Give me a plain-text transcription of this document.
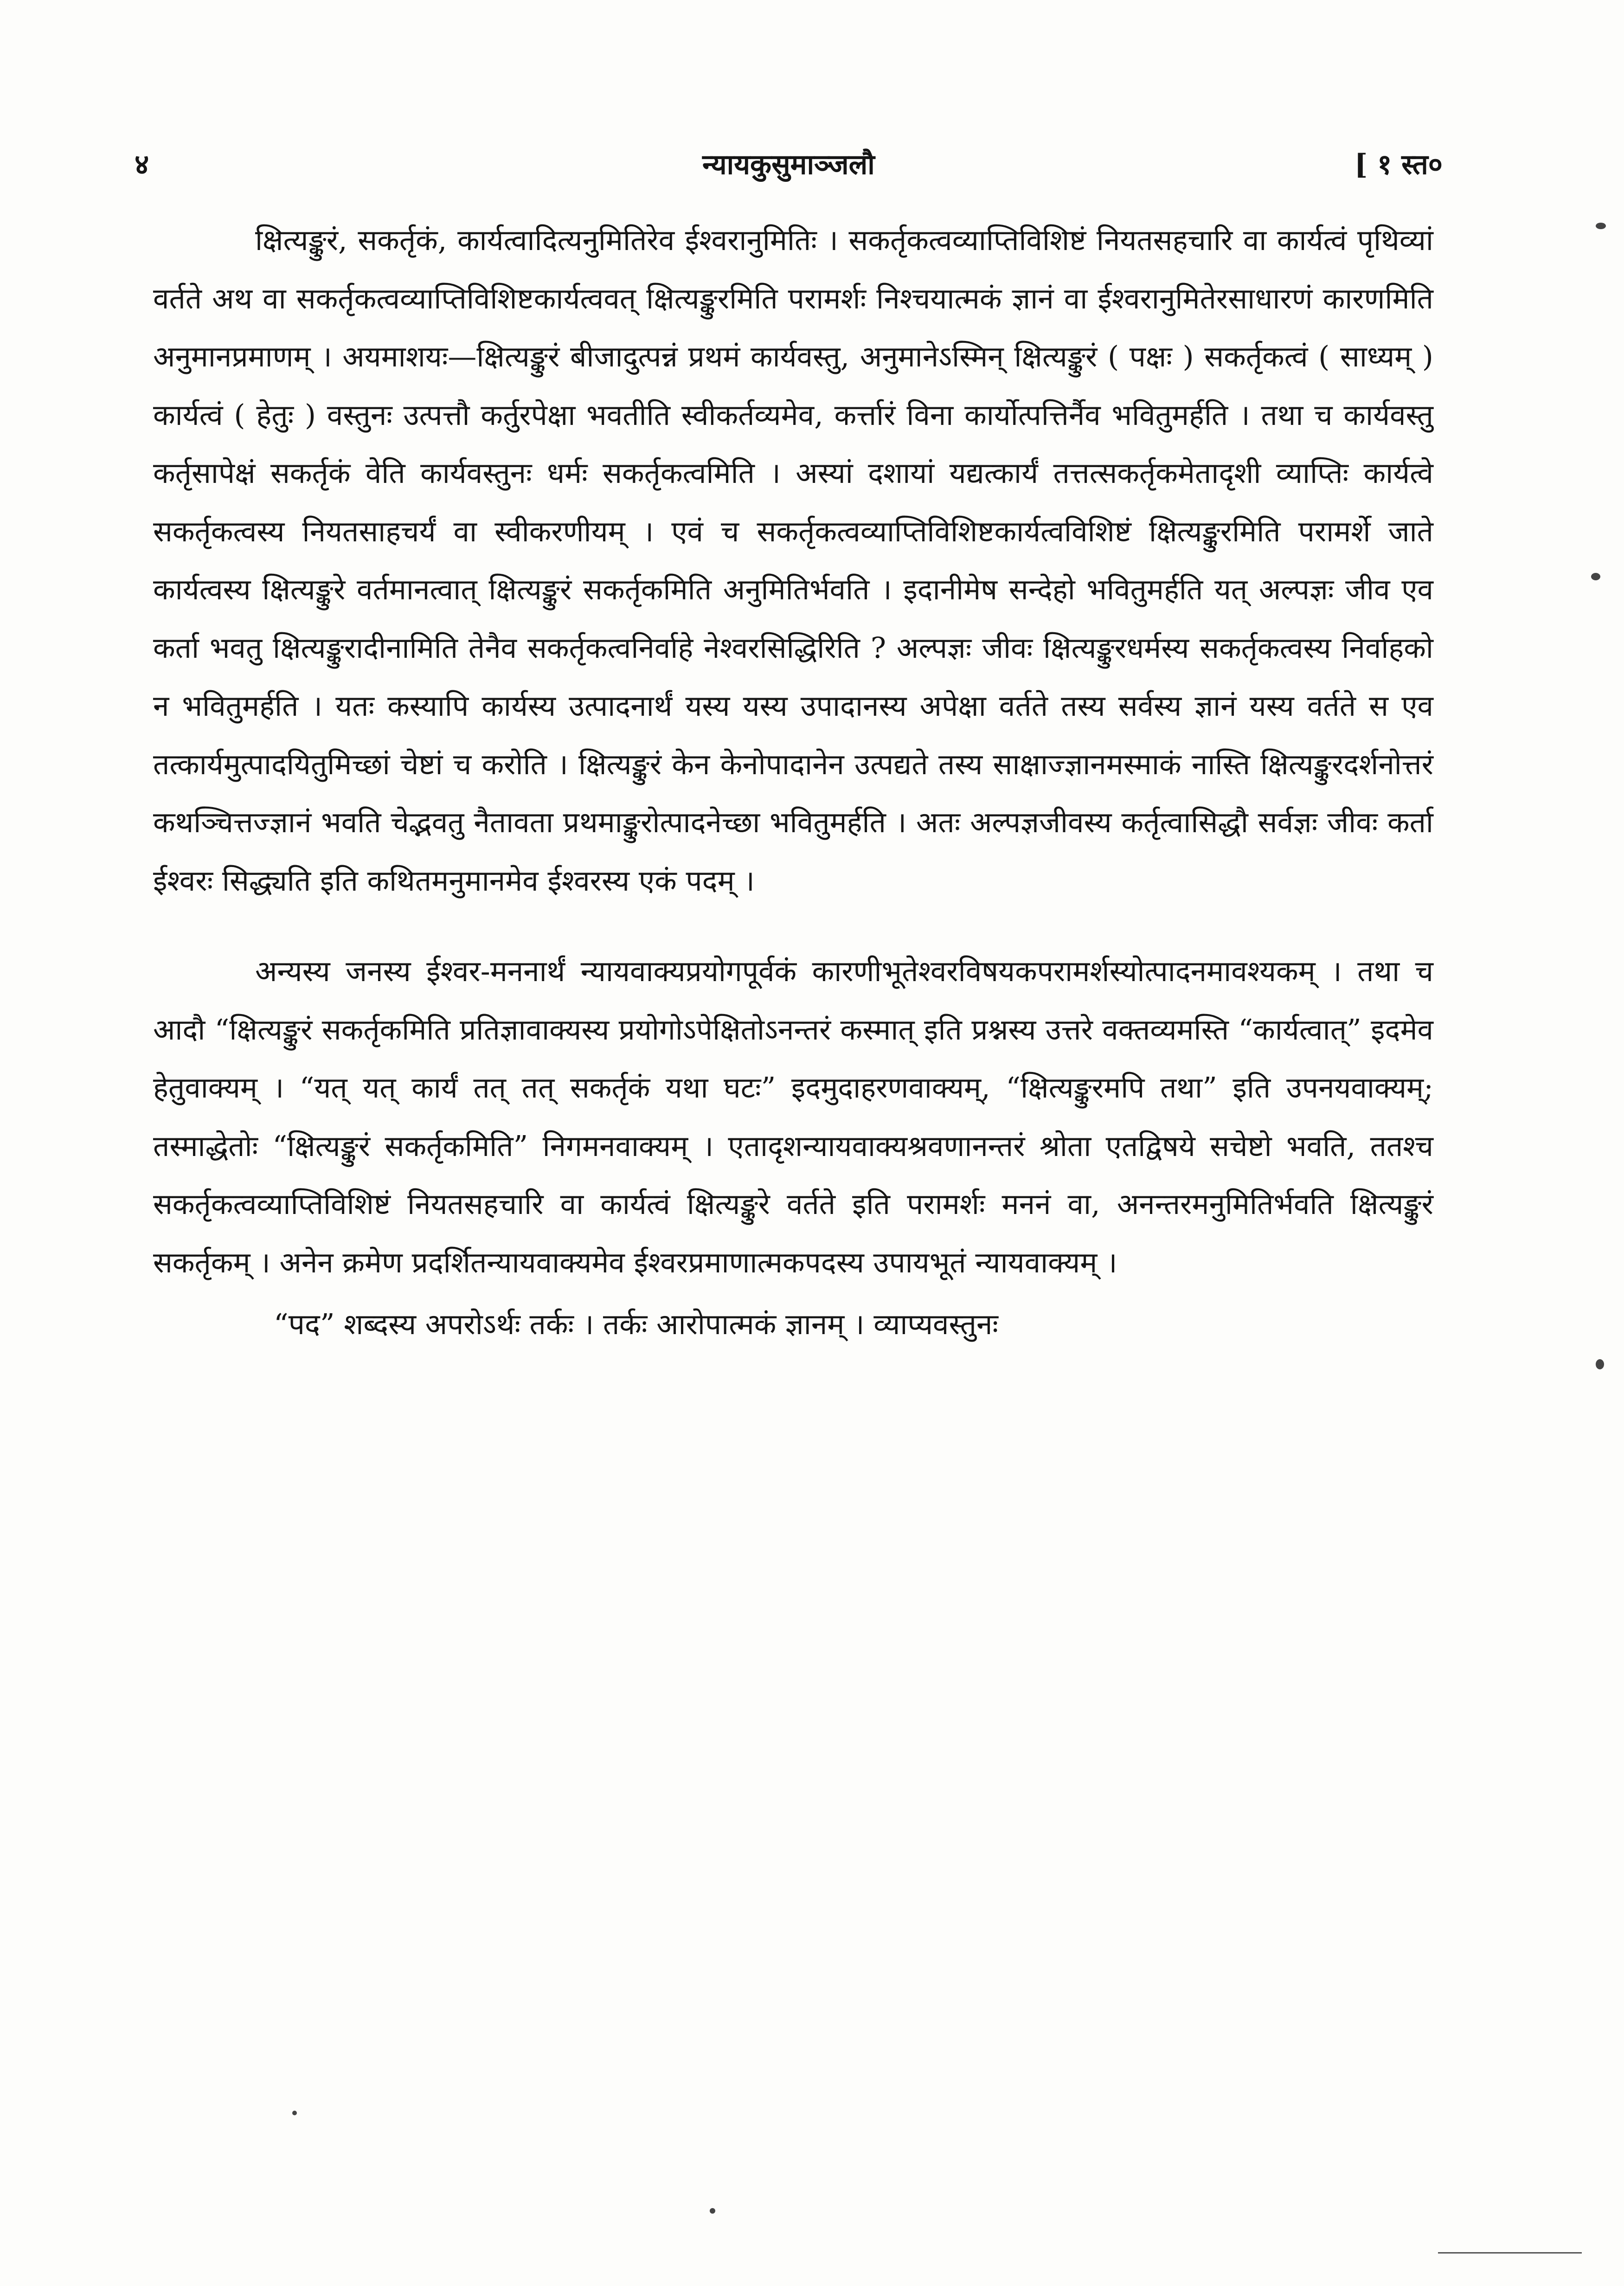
४	न्यायकुसुमाञ्जलौ	[ १ स्त०

क्षित्यङ्कुरं, सकर्तृकं, कार्यत्वादित्यनुमितिरेव ईश्वरानुमितिः । सकर्तृकत्वव्याप्तिविशिष्टं नियतसहचारि वा कार्यत्वं पृथिव्यां वर्तते अथ वा सकर्तृकत्वव्याप्तिविशिष्टकार्यत्ववत् क्षित्यङ्कुरमिति परामर्शः निश्चयात्मकं ज्ञानं वा ईश्वरानुमितेरसाधारणं कारणमिति अनुमानप्रमाणम् । अयमाशयः—क्षित्यङ्कुरं बीजादुत्पन्नं प्रथमं कार्यवस्तु, अनुमानेऽस्मिन् क्षित्यङ्कुरं ( पक्षः ) सकर्तृकत्वं ( साध्यम् ) कार्यत्वं ( हेतुः ) वस्तुनः उत्पत्तौ कर्तुरपेक्षा भवतीति स्वीकर्तव्यमेव, कर्त्तारं विना कार्योत्पत्तिर्नैव भवितुमर्हति । तथा च कार्यवस्तु कर्तृसापेक्षं सकर्तृकं वेति कार्यवस्तुनः धर्मः सकर्तृकत्वमिति । अस्यां दशायां यद्यत्कार्यं तत्तत्सकर्तृकमेतादृशी व्याप्तिः कार्यत्वे सकर्तृकत्वस्य नियतसाहचर्यं वा स्वीकरणीयम् । एवं च सकर्तृकत्वव्याप्तिविशिष्टकार्यत्वविशिष्टं क्षित्यङ्कुरमिति परामर्शे जाते कार्यत्वस्य क्षित्यङ्कुरे वर्तमानत्वात् क्षित्यङ्कुरं सकर्तृकमिति अनुमितिर्भवति । इदानीमेष सन्देहो भवितुमर्हति यत् अल्पज्ञः जीव एव कर्ता भवतु क्षित्यङ्कुरादीनामिति तेनैव सकर्तृकत्वनिर्वाहे नेश्वरसिद्धिरिति ? अल्पज्ञः जीवः क्षित्यङ्कुरधर्मस्य सकर्तृकत्वस्य निर्वाहको न भवितुमर्हति । यतः कस्यापि कार्यस्य उत्पादनार्थं यस्य यस्य उपादानस्य अपेक्षा वर्तते तस्य सर्वस्य ज्ञानं यस्य वर्तते स एव तत्कार्यमुत्पादयितुमिच्छां चेष्टां च करोति । क्षित्यङ्कुरं केन केनोपादानेन उत्पद्यते तस्य साक्षाज्ज्ञानमस्माकं नास्ति क्षित्यङ्कुरदर्शनोत्तरं कथञ्चित्तज्ज्ञानं भवति चेद्भवतु नैतावता प्रथमाङ्कुरोत्पादनेच्छा भवितुमर्हति । अतः अल्पज्ञजीवस्य कर्तृत्वासिद्धौ सर्वज्ञः जीवः कर्ता ईश्वरः सिद्ध्यति इति कथितमनुमानमेव ईश्वरस्य एकं पदम् ।

अन्यस्य जनस्य ईश्वर-मननार्थं न्यायवाक्यप्रयोगपूर्वकं कारणीभूतेश्वरविषयकपरामर्शस्योत्पादनमावश्यकम् । तथा च आदौ “क्षित्यङ्कुरं सकर्तृकमिति प्रतिज्ञावाक्यस्य प्रयोगोऽपेक्षितोऽनन्तरं कस्मात् इति प्रश्नस्य उत्तरे वक्तव्यमस्ति “कार्यत्वात्” इदमेव हेतुवाक्यम् । “यत् यत् कार्यं तत् तत् सकर्तृकं यथा घटः” इदमुदाहरणवाक्यम्, “क्षित्यङ्कुरमपि तथा” इति उपनयवाक्यम्; तस्माद्धेतोः “क्षित्यङ्कुरं सकर्तृकमिति” निगमनवाक्यम् । एतादृशन्यायवाक्यश्रवणानन्तरं श्रोता एतद्विषये सचेष्टो भवति, ततश्च सकर्तृकत्वव्याप्तिविशिष्टं नियतसहचारि वा कार्यत्वं क्षित्यङ्कुरे वर्तते इति परामर्शः मननं वा, अनन्तरमनुमितिर्भवति क्षित्यङ्कुरं सकर्तृकम् । अनेन क्रमेण प्रदर्शितन्यायवाक्यमेव ईश्वरप्रमाणात्मकपदस्य उपायभूतं न्यायवाक्यम् ।

“पद” शब्दस्य अपरोऽर्थः तर्कः । तर्कः आरोपात्मकं ज्ञानम् । व्याप्यवस्तुनः
